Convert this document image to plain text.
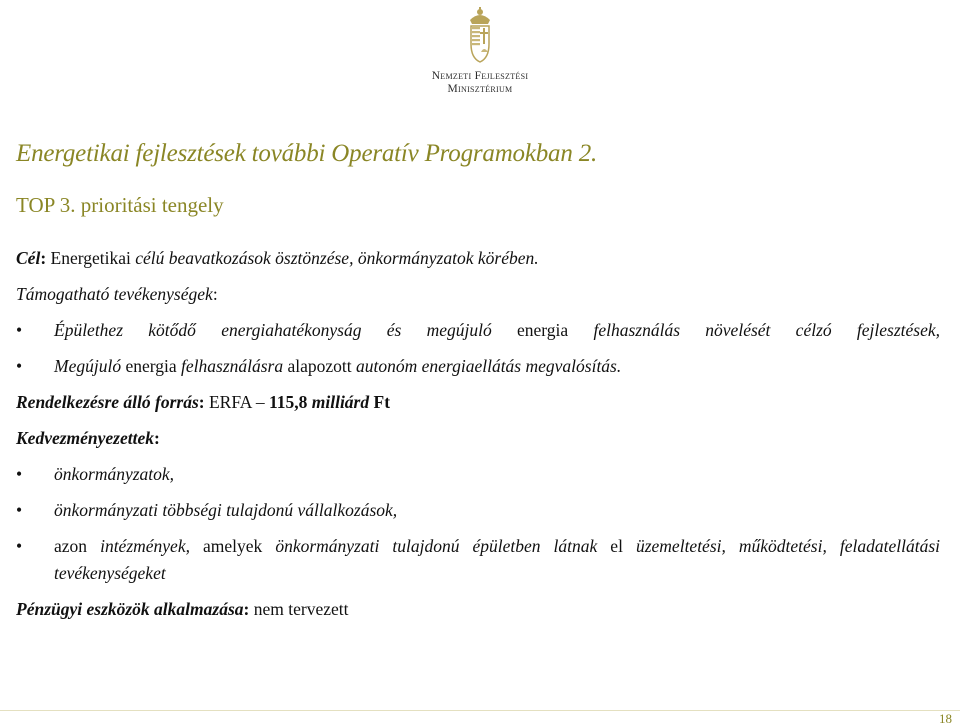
Nemzeti Fejlesztési
Minisztérium
Energetikai fejlesztések további Operatív Programokban 2.
TOP 3. prioritási tengely
Cél: Energetikai célú beavatkozások ösztönzése, önkormányzatok körében.
Támogatható tevékenységek:
• Épülethez kötődő energiahatékonyság és megújuló energia felhasználás növelését célzó fejlesztések,
• Megújuló energia felhasználásra alapozott autonóm energiaellátás megvalósítás.
Rendelkezésre álló forrás: ERFA – 115,8 milliárd Ft
Kedvezményezettek:
• önkormányzatok,
• önkormányzati többségi tulajdonú vállalkozások,
• azon intézmények, amelyek önkormányzati tulajdonú épületben látnak el üzemeltetési, működtetési, feladatellátási tevékenységeket
Pénzügyi eszközök alkalmazása: nem tervezett
18
